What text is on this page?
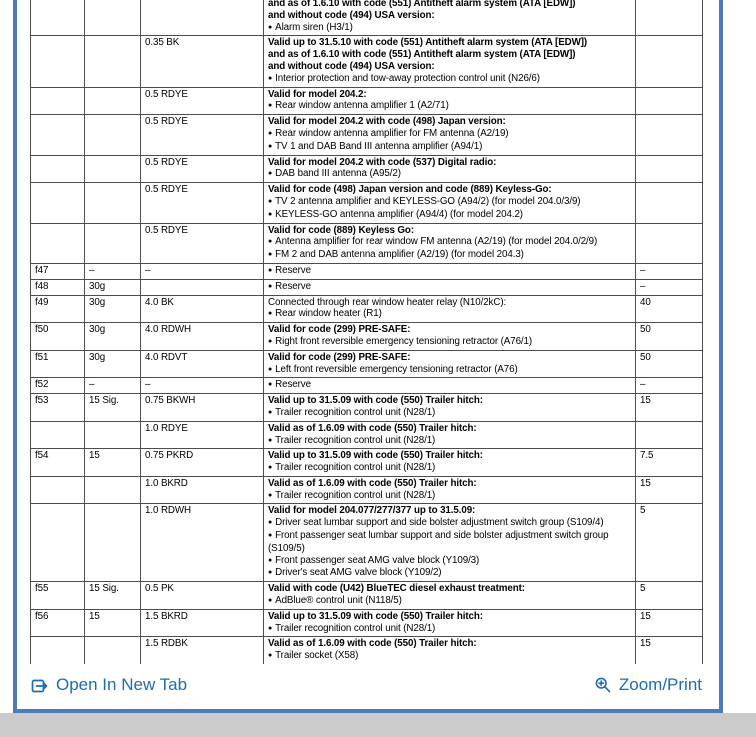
			and as of 1.6.10 with code (551) Antitheft alarm system (ATA [EDW])
and without code (494) USA version:
● Alarm siren (H3/1)	

		0.35 BK	Valid up to 31.5.10 with code (551) Antitheft alarm system (ATA [EDW])
and as of 1.6.10 with code (551) Antitheft alarm system (ATA [EDW])
and without code (494) USA version:
● Interior protection and tow-away protection control unit (N26/6)	

		0.5 RDYE	Valid for model 204.2:
● Rear window antenna amplifier 1 (A2/71)	

		0.5 RDYE	Valid for model 204.2 with code (498) Japan version:
● Rear window antenna amplifier for FM antenna (A2/19)
● TV 1 and DAB Band III antenna amplifier (A94/1)	

		0.5 RDYE	Valid for model 204.2 with code (537) Digital radio:
● DAB band III antenna (A95/2)	

		0.5 RDYE	Valid for code (498) Japan version and code (889) Keyless-Go:
● TV 2 antenna amplifier and KEYLESS-GO (A94/2) (for model 204.0/3/9)
● KEYLESS-GO antenna amplifier (A94/4) (for model 204.2)	

		0.5 RDYE	Valid for code (889) Keyless Go:
● Antenna amplifier for rear window FM antenna (A2/19) (for model 204.0/2/9)
● FM 2 and DAB antenna amplifier (A2/19) (for model 204.3)	

f47	–	–	● Reserve	–
f48	30g		● Reserve	–
f49	30g	4.0 BK	Connected through rear window heater relay (N10/2kC):
● Rear window heater (R1)	40
f50	30g	4.0 RDWH	Valid for code (299) PRE-SAFE:
● Right front reversible emergency tensioning retractor (A76/1)	50
f51	30g	4.0 RDVT	Valid for code (299) PRE-SAFE:
● Left front reversible emergency tensioning retractor (A76)	50
f52	–	–	● Reserve	–
f53	15 Sig.	0.75 BKWH	Valid up to 31.5.09 with code (550) Trailer hitch:
● Trailer recognition control unit (N28/1)	15
		1.0 RDYE	Valid as of 1.6.09 with code (550) Trailer hitch:
● Trailer recognition control unit (N28/1)	

f54	15	0.75 PKRD	Valid up to 31.5.09 with code (550) Trailer hitch:
● Trailer recognition control unit (N28/1)	7.5
		1.0 BKRD	Valid as of 1.6.09 with code (550) Trailer hitch:
● Trailer recognition control unit (N28/1)	15
		1.0 RDWH	Valid for model 204.077/277/377 up to 31.5.09:
● Driver seat lumbar support and side bolster adjustment switch group (S109/4)
● Front passenger seat lumbar support and side bolster adjustment switch group (S109/5)
● Front passenger seat AMG valve block (Y109/3)
● Driver's seat AMG valve block (Y109/2)	5
f55	15 Sig.	0.5 PK	Valid with code (U42) BlueTEC diesel exhaust treatment:
● AdBlue® control unit (N118/5)	5
f56	15	1.5 BKRD	Valid up to 31.5.09 with code (550) Trailer hitch:
● Trailer recognition control unit (N28/1)	15
		1.5 RDBK	Valid as of 1.6.09 with code (550) Trailer hitch:
● Trailer socket (X58)	15
Open In New Tab	Zoom/Print
